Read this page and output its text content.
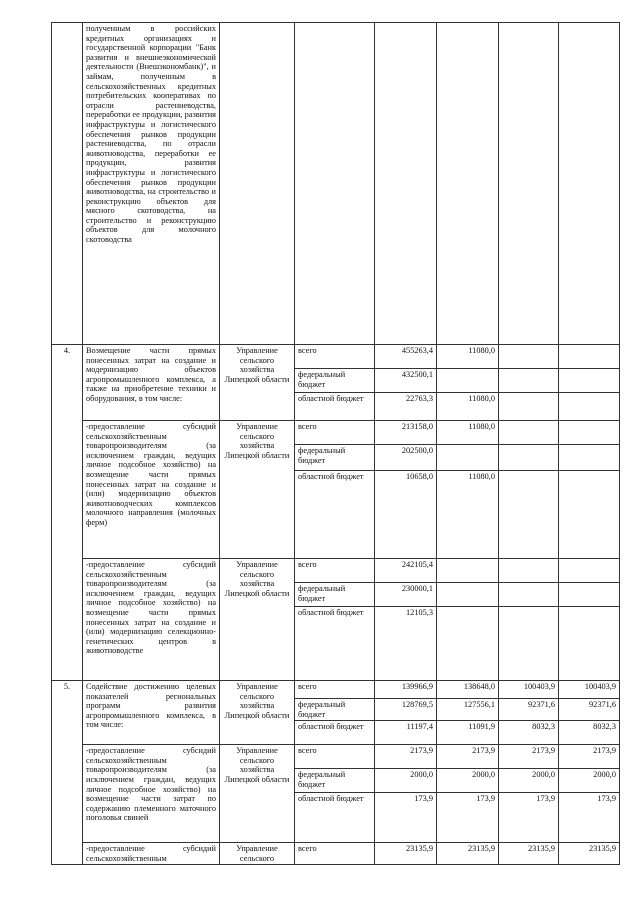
	полученным в российских кредитных организациях и государственной корпорации "Банк развития и внешнеэкономической деятельности (Внешэкономбанк)", и займам, полученным в сельскохозяйственных кредитных потребительских кооперативах по отрасли растениеводства, переработки ее продукции, развития инфраструктуры и логистического обеспечения рынков продукции растениеводства, по отрасли животноводства, переработки ее продукции, развития инфраструктуры и логистического обеспечения рынков продукции животноводства, на строительство и реконструкцию объектов для мясного скотоводства, на строительство и реконструкцию объектов для молочного скотоводства						
4.	Возмещение части прямых понесенных затрат на создание и модернизацию объектов агропромышленного комплекса, а также на приобретение техники и оборудования, в том числе:	Управление сельского хозяйства Липецкой области	всего	455263,4	11080,0		
			федеральный бюджет	432500,1			
			областной бюджет	22763,3	11080,0		
	-предоставление субсидий сельскохозяйственным товаропроизводителям (за исключением граждан, ведущих личное подсобное хозяйство) на возмещение части прямых понесенных затрат на создание и (или) модернизацию объектов животноводческих комплексов молочного направления (молочных ферм)	Управление сельского хозяйства Липецкой области	всего	213158,0	11080,0		
			федеральный бюджет	202500,0			
			областной бюджет	10658,0	11080,0		
	-предоставление субсидий сельскохозяйственным товаропроизводителям (за исключением граждан, ведущих личное подсобное хозяйство) на возмещение части прямых понесенных затрат на создание и (или) модернизацию селекционно-генетических центров в животноводстве	Управление сельского хозяйства Липецкой области	всего	242105,4			
			федеральный бюджет	230000,1			
			областной бюджет	12105,3			
5.	Содействие достижению целевых показателей региональных программ развития агропромышленного комплекса, в том числе:	Управление сельского хозяйства Липецкой области	всего	139966,9	138648,0	100403,9	100403,9
			федеральный бюджет	128769,5	127556,1	92371,6	92371,6
			областной бюджет	11197,4	11091,9	8032,3	8032,3
	-предоставление субсидий сельскохозяйственным товаропроизводителям (за исключением граждан, ведущих личное подсобное хозяйство) на возмещение части затрат по содержанию племенного маточного поголовья свиней	Управление сельского хозяйства Липецкой области	всего	2173,9	2173,9	2173,9	2173,9
			федеральный бюджет	2000,0	2000,0	2000,0	2000,0
			областной бюджет	173,9	173,9	173,9	173,9
	-предоставление субсидий сельскохозяйственным	Управление сельского	всего	23135,9	23135,9	23135,9	23135,9
